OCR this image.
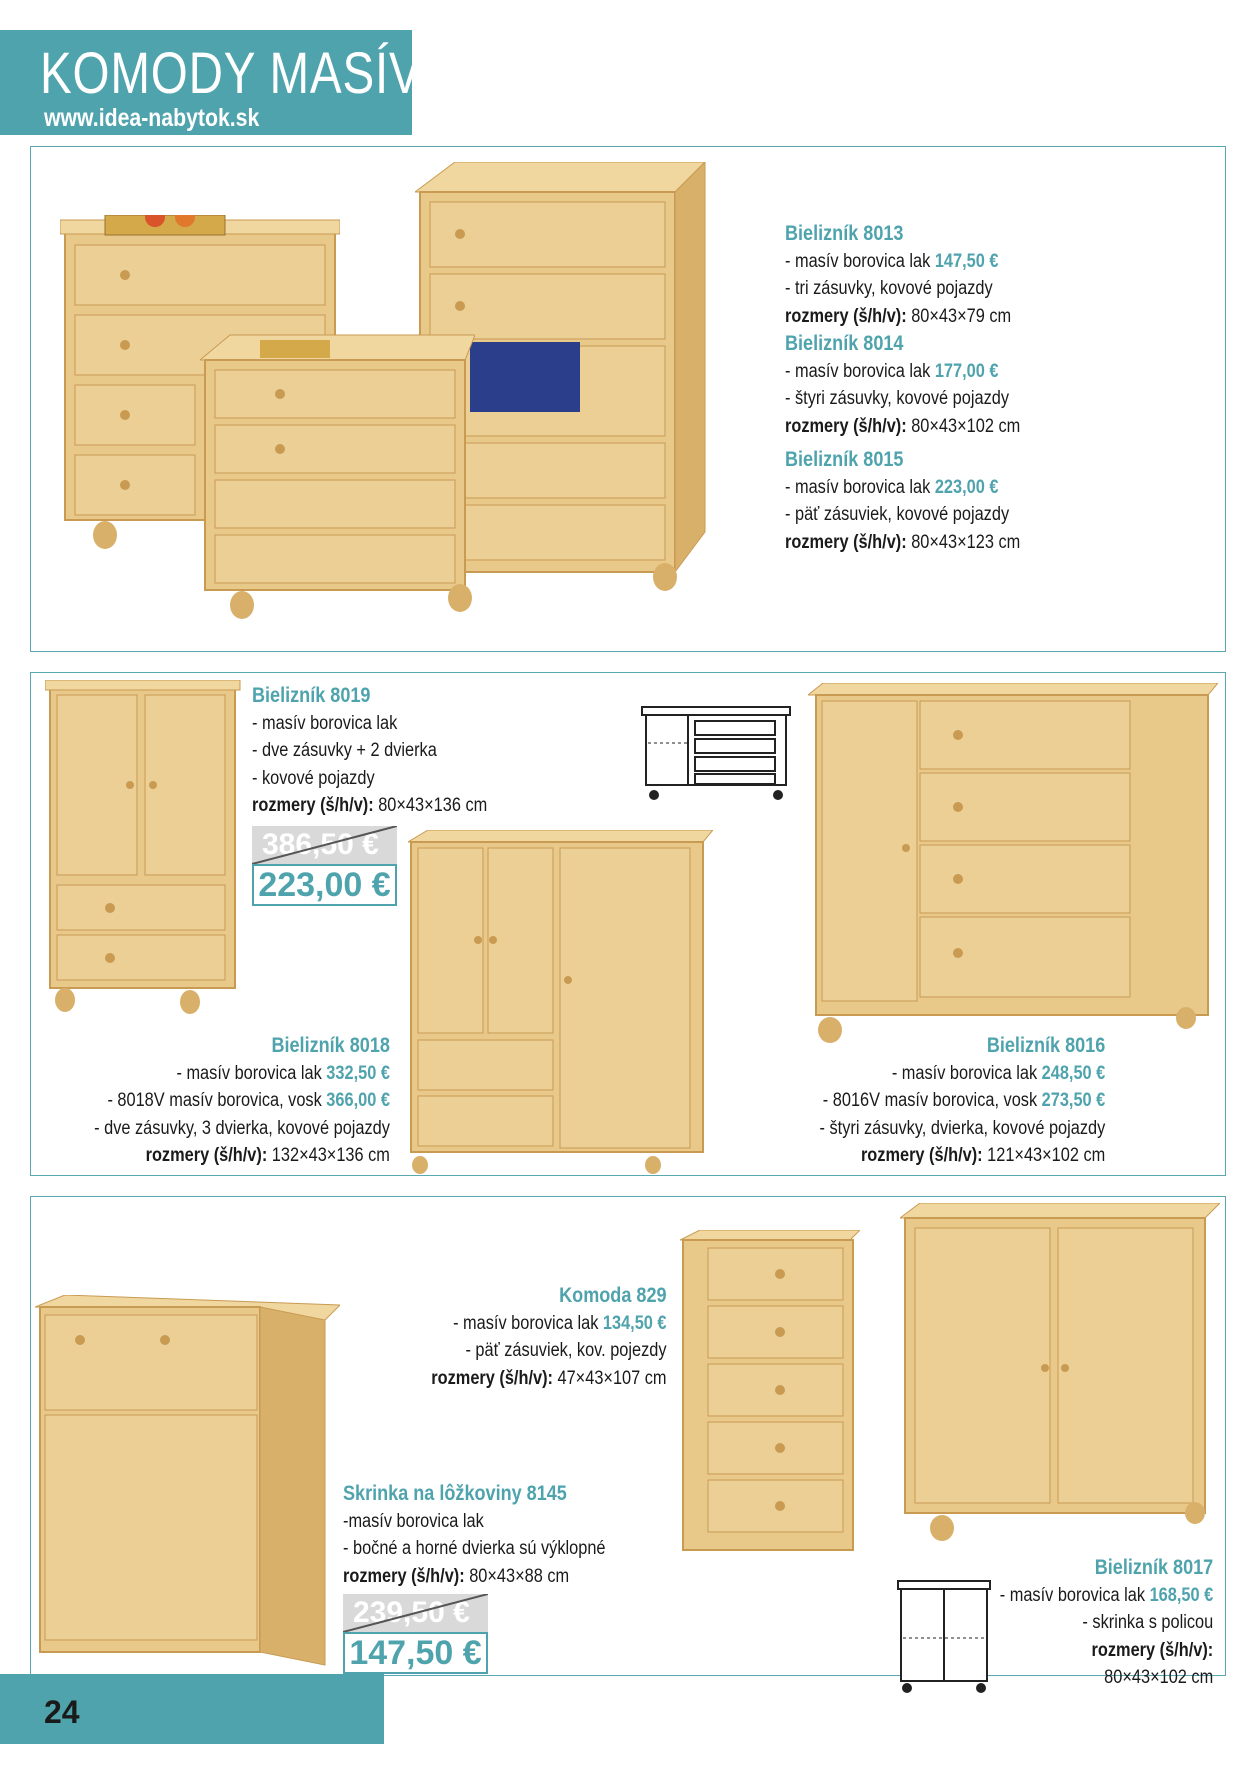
KOMODY MASÍV
www.idea-nabytok.sk
Bielizník 8013
- masív borovica lak 147,50 €
- tri zásuvky, kovové pojazdy
rozmery (š/h/v): 80×43×79 cm
Bielizník 8014
- masív borovica lak 177,00 €
- štyri zásuvky, kovové pojazdy
rozmery (š/h/v): 80×43×102 cm
Bielizník 8015
- masív borovica lak 223,00 €
- päť zásuviek, kovové pojazdy
rozmery (š/h/v): 80×43×123 cm
Bielizník 8019
- masív borovica lak
- dve zásuvky + 2 dvierka
- kovové pojazdy
rozmery (š/h/v): 80×43×136 cm
386,50 €
223,00 €
Bielizník 8018
- masív borovica lak 332,50 €
- 8018V masív borovica, vosk 366,00 €
- dve zásuvky, 3 dvierka, kovové pojazdy
rozmery (š/h/v): 132×43×136 cm
Bielizník 8016
- masív borovica lak 248,50 €
- 8016V masív borovica, vosk 273,50 €
- štyri zásuvky, dvierka, kovové pojazdy
rozmery (š/h/v): 121×43×102 cm
Komoda 829
- masív borovica lak 134,50 €
- päť zásuviek, kov. pojezdy
rozmery (š/h/v): 47×43×107 cm
Skrinka na lôžkoviny 8145
-masív borovica lak
- bočné a horné dvierka sú výklopné
rozmery (š/h/v): 80×43×88 cm
239,50 €
147,50 €
Bielizník 8017
- masív borovica lak 168,50 €
- skrinka s policou
rozmery (š/h/v):
80×43×102 cm
24
